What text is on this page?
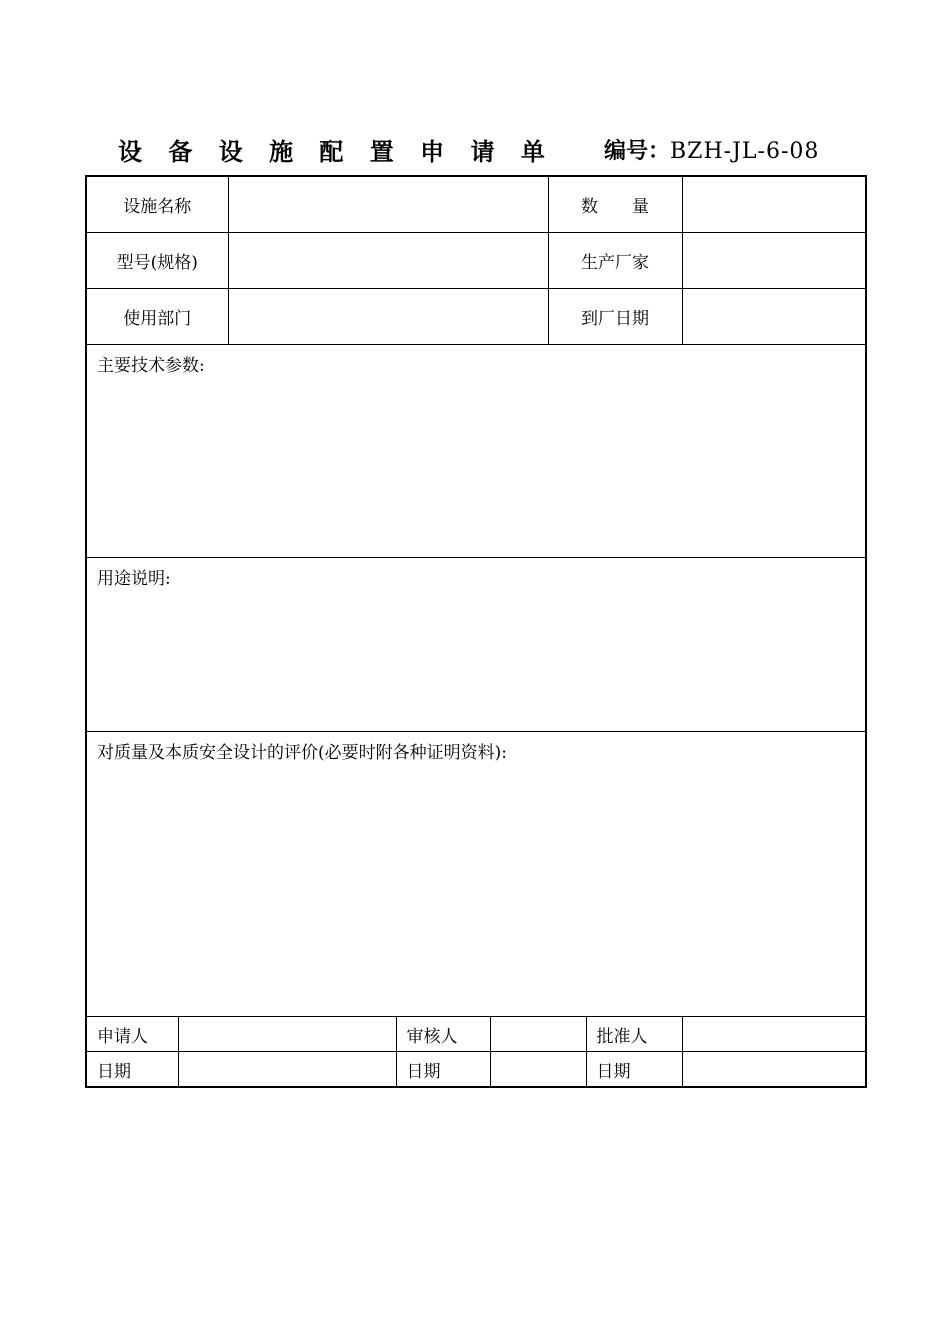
设 备 设 施 配 置 申 请 单 编号：BZH-JL-6-08
设施名称					数　　量		
型号(规格)					生产厂家		
使用部门					到厂日期		
主要技术参数:							
用途说明:							
对质量及本质安全设计的评价(必要时附各种证明资料):							
申请人			审核人			批准人	
日期			日期			日期	
